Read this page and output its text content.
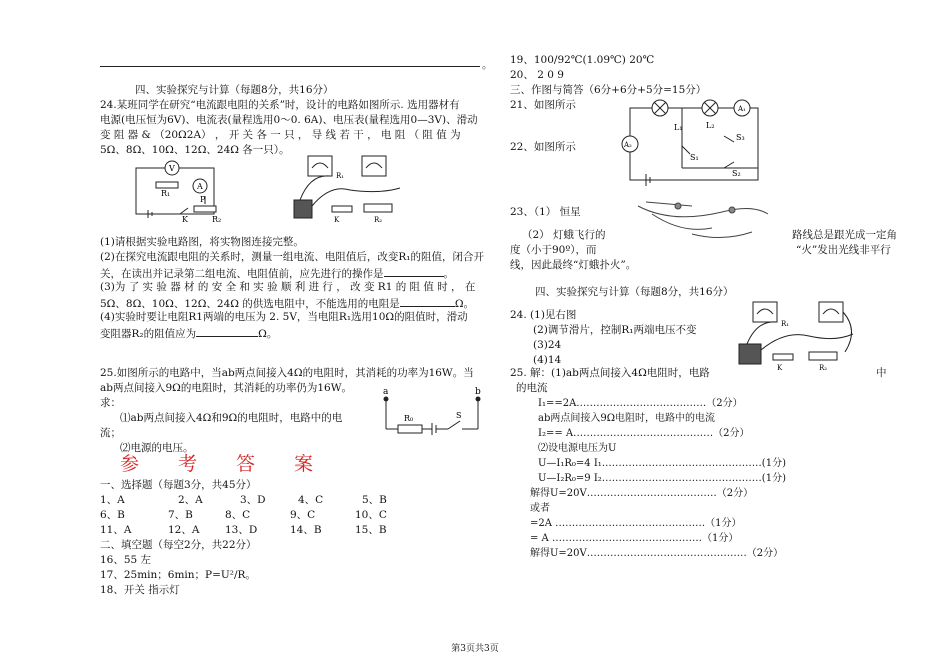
。
四、实验探究与计算（每题8分，共16分）
24.某班同学在研究“电流跟电阻的关系”时，设计的电路如图所示. 选用器材有
电源(电压恒为6V)、电流表(量程选用0～0. 6A)、电压表(量程选用0—3V)、滑动
变 阻 器 & （20Ω2A） ， 开 关 各 一 只 ， 导 线 若 干 ， 电 阻 （ 阻 值 为
5Ω、8Ω、10Ω、12Ω、24Ω 各一只）。
V
A
R₁
R₂
K
P
R₁
K	R₂
(1)请根据实验电路图，将实物图连接完整。
(2)在探究电流跟电阻的关系时，测量一组电流、电阻值后，改变R₁的阻值，闭合开
关，在读出并记录第二组电流、电阻值前，应先进行的操作是	。
(3)为 了 实 验 器 材 的 安 全 和 实 验 顺 利 进 行 ， 改 变 R1 的 阻 值 时 ， 在
5Ω、8Ω、10Ω、12Ω、24Ω 的供选电阻中，不能选用的电阻是	Ω。
(4)实验时要让电阻R1两端的电压为 2. 5V，当电阻R₁选用10Ω的阻值时，滑动
变阻器R₂的阻值应为	Ω。
25.如图所示的电路中，当ab两点间接入4Ω的电阻时，其消耗的功率为16W。当
ab两点间接入9Ω的电阻时，其消耗的功率仍为16W。
求：
⑴ab两点间接入4Ω和9Ω的电阻时，电路中的电
流；
⑵电源的电压。
a	b
R₀	S
参 考 答 案
一、选择题（每题3分，共45分）
1、A	2、A	3、D	4、C	5、B
6、B	7、B	8、C	9、C	10、C
11、A	12、A 13、D	14、B	15、B
二、填空题（每空2分，共22分）
16、55 左
17、25min；6min；P=U²/R。
18、开关 指示灯
19、100/92℃(1.09℃) 20℃
20、 2 0 9
三、作图与简答（6分+6分+5分=15分）
21、如图所示
22、如图所示
L₁	L₂
A₁
A₂
S₁
S₃
S₂
23、（1） 恒星
（2） 灯蛾飞行的	路线总是跟光成一定角
度（小于90º），而	“火”发出光线非平行
线，因此最终“灯蛾扑火”。
四、实验探究与计算（每题8分，共16分）
24. (1)见右图
(2)调节滑片，控制R₁两端电压不变
(3)24
(4)14
R₁
K	R₂
25. 解：(1)ab两点间接入4Ω电阻时，电路	中
的电流
I₁==2A…………………………………（2分）
ab两点间接入9Ω电阻时，电路中的电流
I₂== A……………………………………（2分）
⑵设电源电压为U
U—I₁R₀=4 I₁…………………………………………(1分)
U—I₂R₀=9 I₂…………………………………………(1分)
解得U=20V…………………………………（2分）
或者
=2A ………………………………………（1分）
= A ………………………………………（1分）
解得U=20V…………………………………………（2分）
第3页共3页
